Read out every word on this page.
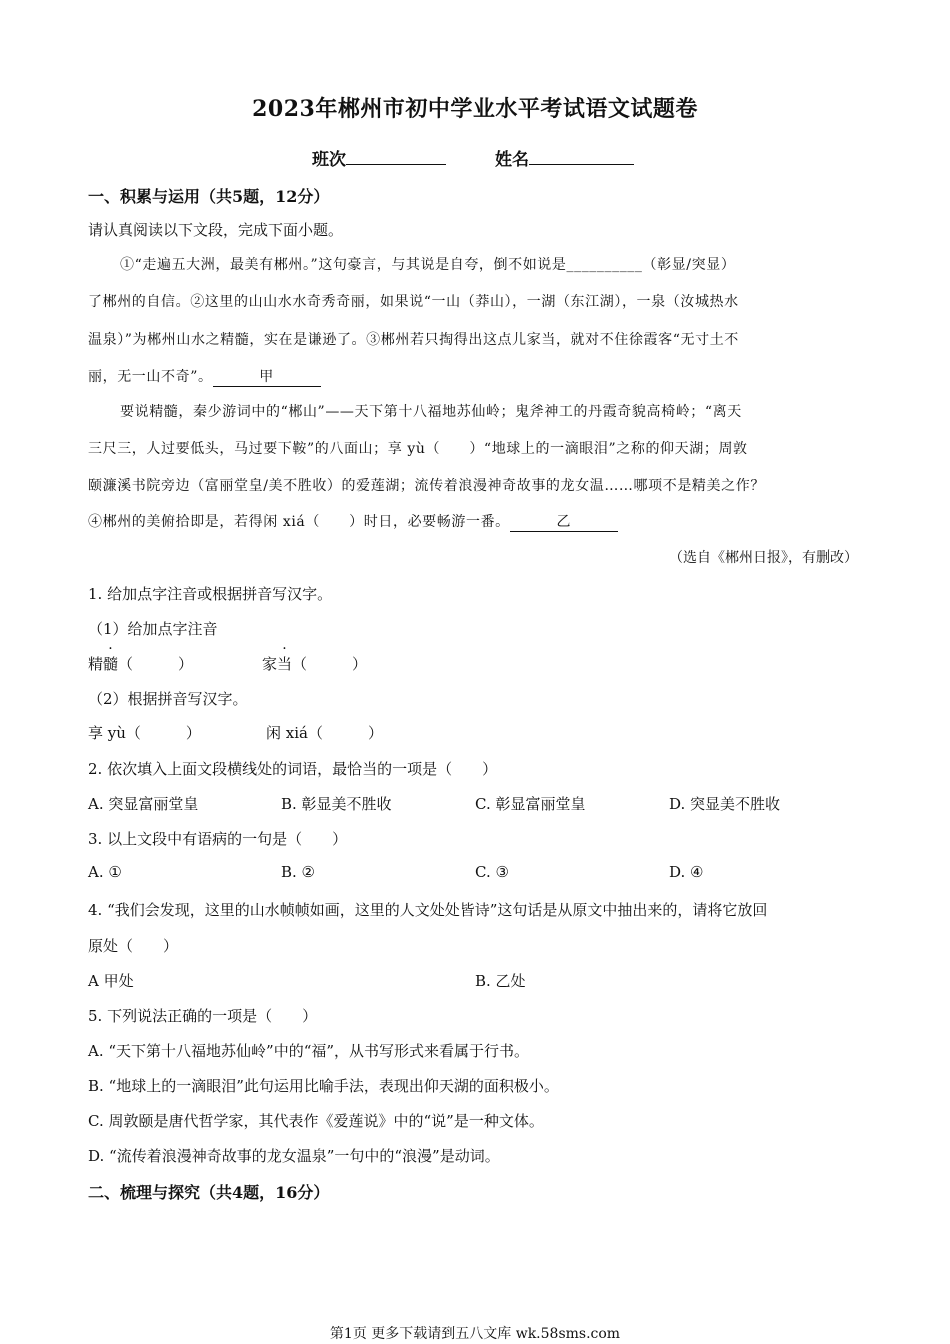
2023年郴州市初中学业水平考试语文试题卷
班次	姓名
一、积累与运用（共5题，12分）
请认真阅读以下文段，完成下面小题。
①“走遍五大洲，最美有郴州。”这句豪言，与其说是自夸，倒不如说是__________（彰显/突显）
了郴州的自信。②这里的山山水水奇秀奇丽，如果说“一山（莽山），一湖（东江湖），一泉（汝城热水
温泉）”为郴州山水之精髓，实在是谦逊了。③郴州若只掏得出这点儿家当，就对不住徐霞客“无寸土不
丽，无一山不奇”。	甲
要说精髓，秦少游词中的“郴山”——天下第十八福地苏仙岭；鬼斧神工的丹霞奇貌高椅岭；“离天
三尺三，人过要低头，马过要下鞍”的八面山；享 yù（　　）“地球上的一滴眼泪”之称的仰天湖；周敦
颐濂溪书院旁边（富丽堂皇/美不胜收）的爱莲湖；流传着浪漫神奇故事的龙女温……哪项不是精美之作？
④郴州的美俯拾即是，若得闲 xiá（　　）时日，必要畅游一番。	乙
（选自《郴州日报》，有删改）
1. 给加点字注音或根据拼音写汉字。
（1）给加点字注音
精髓（　　　）	家当（　　　）
（2）根据拼音写汉字。
享 yù（　　　）	闲 xiá（　　　）
2. 依次填入上面文段横线处的词语，最恰当的一项是（　　）
A. 突显富丽堂皇	B. 彰显美不胜收	C. 彰显富丽堂皇	D. 突显美不胜收
3. 以上文段中有语病的一句是（　　）
A. ①	B. ②	C. ③	D. ④
4. “我们会发现，这里的山水帧帧如画，这里的人文处处皆诗”这句话是从原文中抽出来的，请将它放回
原处（　　）
A 甲处	B. 乙处
5. 下列说法正确的一项是（　　）
A. “天下第十八福地苏仙岭”中的“福”，从书写形式来看属于行书。
B. “地球上的一滴眼泪”此句运用比喻手法，表现出仰天湖的面积极小。
C. 周敦颐是唐代哲学家，其代表作《爱莲说》中的“说”是一种文体。
D. “流传着浪漫神奇故事的龙女温泉”一句中的“浪漫”是动词。
二、梳理与探究（共4题，16分）
第1页 更多下载请到五八文库 wk.58sms.com
